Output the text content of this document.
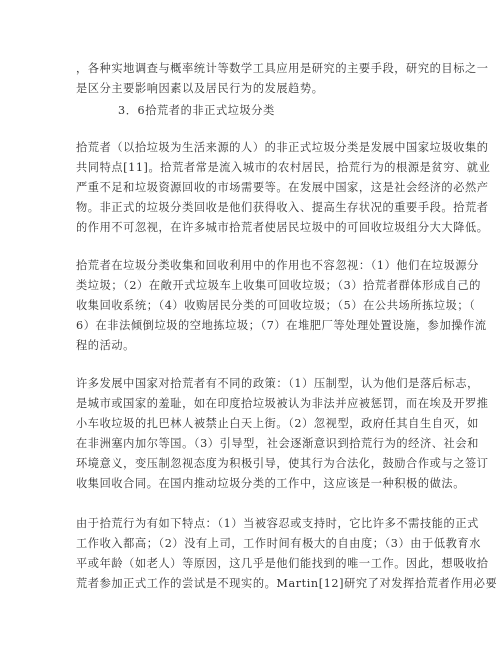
，各种实地调查与概率统计等数学工具应用是研究的主要手段，研究的目标之一
是区分主要影响因素以及居民行为的发展趋势。
3．6拾荒者的非正式垃圾分类
拾荒者（以拾垃圾为生活来源的人）的非正式垃圾分类是发展中国家垃圾收集的
共同特点[11]。拾荒者常是流入城市的农村居民，拾荒行为的根源是贫穷、就业
严重不足和垃圾资源回收的市场需要等。在发展中国家，这是社会经济的必然产
物。非正式的垃圾分类回收是他们获得收入、提高生存状况的重要手段。拾荒者
的作用不可忽视，在许多城市拾荒者使居民垃圾中的可回收垃圾组分大大降低。
拾荒者在垃圾分类收集和回收利用中的作用也不容忽视：（1）他们在垃圾源分
类垃圾；（2）在敞开式垃圾车上收集可回收垃圾；（3）拾荒者群体形成自己的
收集回收系统；（4）收购居民分类的可回收垃圾；（5）在公共场所拣垃圾；（
6）在非法倾倒垃圾的空地拣垃圾；（7）在堆肥厂等处理处置设施，参加操作流
程的活动。
许多发展中国家对拾荒者有不同的政策：（1）压制型，认为他们是落后标志，
是城市或国家的羞耻，如在印度拾垃圾被认为非法并应被惩罚，而在埃及开罗推
小车收垃圾的扎巴林人被禁止白天上街。（2）忽视型，政府任其自生自灭，如
在非洲塞内加尔等国。（3）引导型，社会逐渐意识到拾荒行为的经济、社会和
环境意义，变压制忽视态度为积极引导，使其行为合法化，鼓励合作或与之签订
收集回收合同。在国内推动垃圾分类的工作中，这应该是一种积极的做法。
由于拾荒行为有如下特点：（1）当被容忍或支持时，它比许多不需技能的正式
工作收入都高；（2）没有上司，工作时间有极大的自由度；（3）由于低教育水
平或年龄（如老人）等原因，这几乎是他们能找到的唯一工作。因此，想吸收拾
荒者参加正式工作的尝试是不现实的。Martin[12]研究了对发挥拾荒者作用必要
